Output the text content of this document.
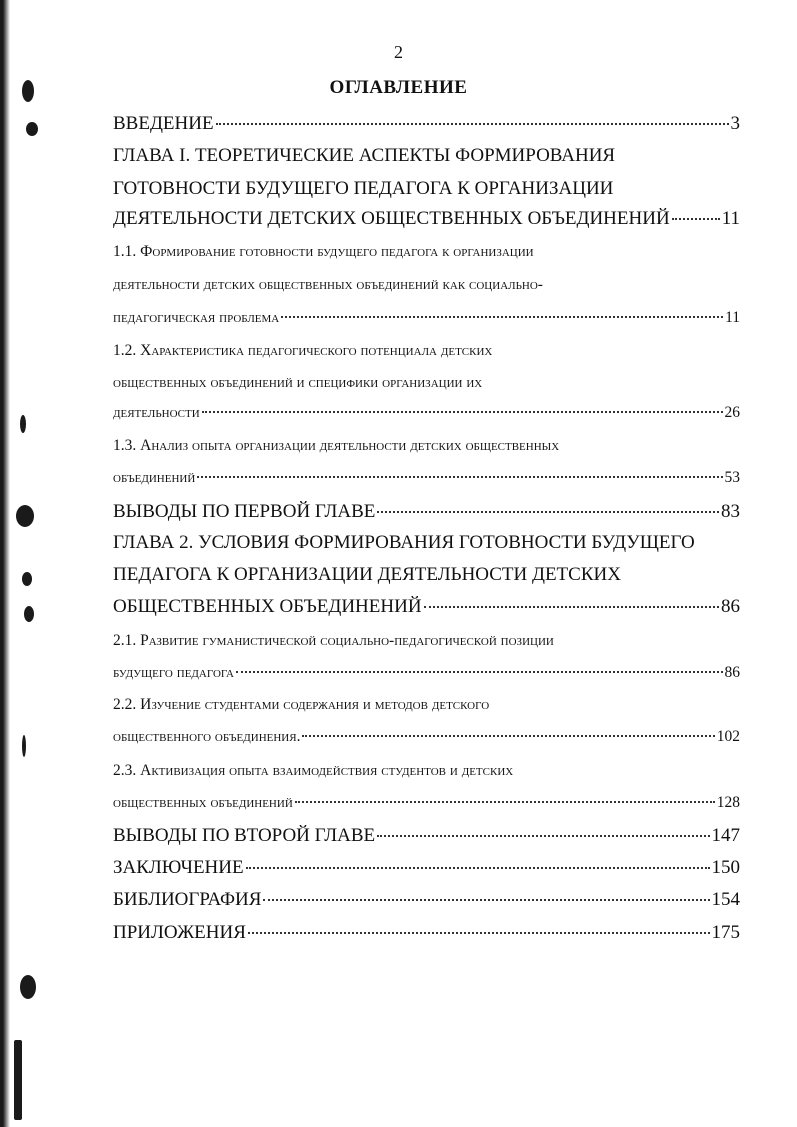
2
ОГЛАВЛЕНИЕ
ВВЕДЕНИЕ	3
ГЛАВА I. ТЕОРЕТИЧЕСКИЕ АСПЕКТЫ ФОРМИРОВАНИЯ
ГОТОВНОСТИ БУДУЩЕГО ПЕДАГОГА К ОРГАНИЗАЦИИ
ДЕЯТЕЛЬНОСТИ ДЕТСКИХ ОБЩЕСТВЕННЫХ ОБЪЕДИНЕНИЙ	11
1.1. Формирование готовности будущего педагога к организации
деятельности детских общественных объединений как социально-
педагогическая проблема	11
1.2. Характеристика педагогического потенциала детских
общественных объединений и специфики организации их
деятельности	26
1.3. Анализ опыта организации деятельности детских общественных
объединений	53
ВЫВОДЫ ПО ПЕРВОЙ ГЛАВЕ	83
ГЛАВА 2. УСЛОВИЯ ФОРМИРОВАНИЯ ГОТОВНОСТИ БУДУЩЕГО
ПЕДАГОГА К ОРГАНИЗАЦИИ ДЕЯТЕЛЬНОСТИ ДЕТСКИХ
ОБЩЕСТВЕННЫХ ОБЪЕДИНЕНИЙ	86
2.1. Развитие гуманистической социально-педагогической позиции
будущего педагога	86
2.2. Изучение студентами содержания и методов детского
общественного объединения.	102
2.3. Активизация опыта взаимодействия студентов и детских
общественных объединений	128
ВЫВОДЫ ПО ВТОРОЙ ГЛАВЕ	147
ЗАКЛЮЧЕНИЕ	150
БИБЛИОГРАФИЯ	154
ПРИЛОЖЕНИЯ	175
